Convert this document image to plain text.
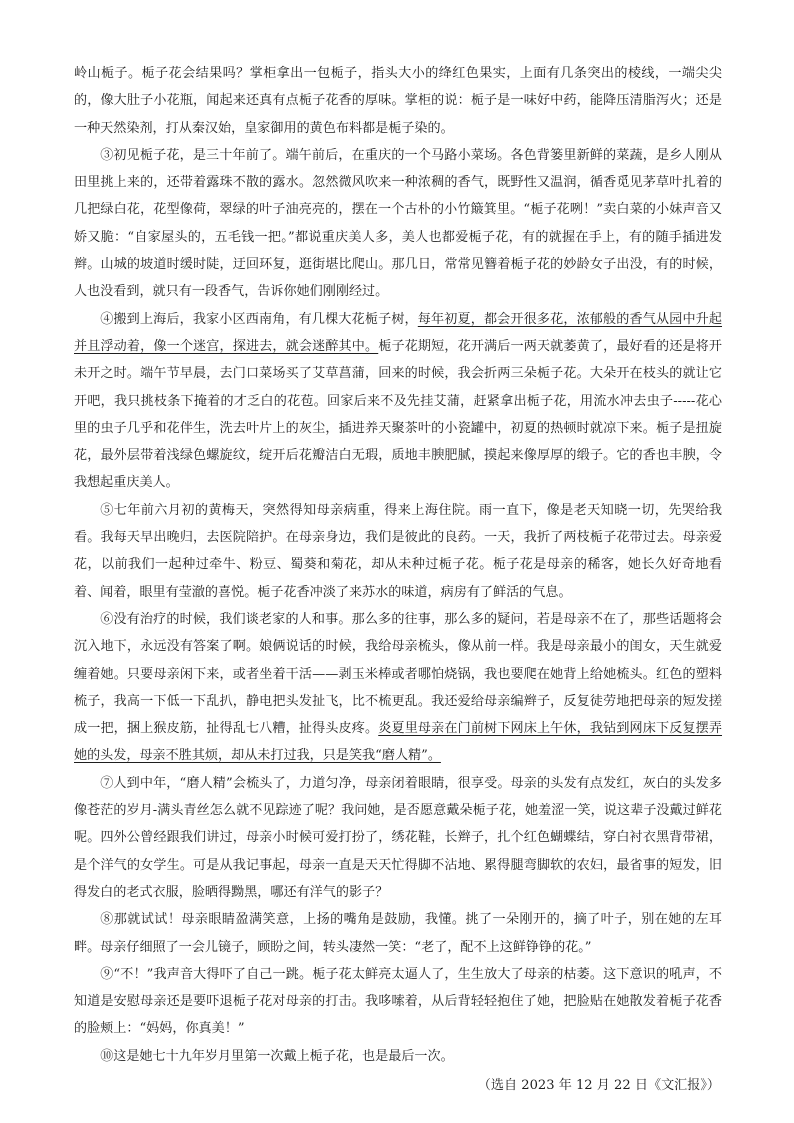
岭山栀子。栀子花会结果吗？掌柜拿出一包栀子，指头大小的绛红色果实，上面有几条突出的棱线，一端尖尖的，像大肚子小花瓶，闻起来还真有点栀子花香的厚味。掌柜的说：栀子是一味好中药，能降压清脂泻火；还是一种天然染剂，打从秦汉始，皇家御用的黄色布料都是栀子染的。

③初见栀子花，是三十年前了。端午前后，在重庆的一个马路小菜场。各色背篓里新鲜的菜蔬，是乡人刚从田里挑上来的，还带着露珠不散的露水。忽然微风吹来一种浓稠的香气，既野性又温润，循香觅见茅草叶扎着的几把绿白花，花型像荷，翠绿的叶子油亮亮的，摆在一个古朴的小竹簸箕里。“栀子花咧！”卖白菜的小妹声音又娇又脆：“自家屋头的，五毛钱一把。”都说重庆美人多，美人也都爱栀子花，有的就握在手上，有的随手插进发辫。山城的坡道时缓时陡，迂回环复，逛街堪比爬山。那几日，常常见簪着栀子花的妙龄女子出没，有的时候，人也没看到，就只有一段香气，告诉你她们刚刚经过。

④搬到上海后，我家小区西南角，有几棵大花栀子树，每年初夏，都会开很多花，浓郁般的香气从园中升起并且浮动着，像一个迷宫，探进去，就会迷醉其中。栀子花期短，花开满后一两天就萎黄了，最好看的还是将开未开之时。端午节早晨，去门口菜场买了艾草菖蒲，回来的时候，我会折两三朵栀子花。大朵开在枝头的就让它开吧，我只挑枝条下掩着的才乏白的花苞。回家后来不及先挂艾蒲，赶紧拿出栀子花，用流水冲去虫子-----花心里的虫子几乎和花伴生，洗去叶片上的灰尘，插进养天聚茶叶的小瓷罐中，初夏的热顿时就凉下来。栀子是扭旋花，最外层带着浅绿色螺旋纹，绽开后花瓣洁白无瑕，质地丰腴肥腻，摸起来像厚厚的缎子。它的香也丰腴，令我想起重庆美人。

⑤七年前六月初的黄梅天，突然得知母亲病重，得来上海住院。雨一直下，像是老天知晓一切，先哭给我看。我每天早出晚归，去医院陪护。在母亲身边，我们是彼此的良药。一天，我折了两枝栀子花带过去。母亲爱花，以前我们一起种过牵牛、粉豆、蜀葵和菊花，却从未种过栀子花。栀子花是母亲的稀客，她长久好奇地看着、闻着，眼里有莹澈的喜悦。栀子花香冲淡了来苏水的味道，病房有了鲜活的气息。

⑥没有治疗的时候，我们谈老家的人和事。那么多的往事，那么多的疑问，若是母亲不在了，那些话题将会沉入地下，永远没有答案了啊。娘俩说话的时候，我给母亲梳头，像从前一样。我是母亲最小的闺女，天生就爱缠着她。只要母亲闲下来，或者坐着干活——剥玉米棒或者哪怕烧锅，我也要爬在她背上给她梳头。红色的塑料梳子，我高一下低一下乱扒，静电把头发扯飞，比不梳更乱。我还爱给母亲编辫子，反复徒劳地把母亲的短发搓成一把，捆上猴皮筋，扯得乱七八糟，扯得头皮疼。炎夏里母亲在门前树下网床上午休，我钻到网床下反复摆弄她的头发，母亲不胜其烦，却从未打过我，只是笑我“磨人精”。

⑦人到中年，“磨人精”会梳头了，力道匀净，母亲闭着眼睛，很享受。母亲的头发有点发红，灰白的头发多像苍茫的岁月-满头青丝怎么就不见踪迹了呢？我问她，是否愿意戴朵栀子花，她羞涩一笑，说这辈子没戴过鲜花呢。四外公曾经跟我们讲过，母亲小时候可爱打扮了，绣花鞋，长辫子，扎个红色蝴蝶结，穿白衬衣黑背带裙，是个洋气的女学生。可是从我记事起，母亲一直是天天忙得脚不沾地、累得腿弯脚软的农妇，最省事的短发，旧得发白的老式衣服，脸晒得黝黑，哪还有洋气的影子？

⑧那就试试！母亲眼睛盈满笑意，上扬的嘴角是鼓励，我懂。挑了一朵刚开的，摘了叶子，别在她的左耳畔。母亲仔细照了一会儿镜子，顾盼之间，转头凄然一笑：“老了，配不上这鲜铮铮的花。”

⑨“不！”我声音大得吓了自己一跳。栀子花太鲜亮太逼人了，生生放大了母亲的枯萎。这下意识的吼声，不知道是安慰母亲还是要吓退栀子花对母亲的打击。我哆嗦着，从后背轻轻抱住了她，把脸贴在她散发着栀子花香的脸颊上：“妈妈，你真美！”

⑩这是她七十九年岁月里第一次戴上栀子花，也是最后一次。

（选自 2023 年 12 月 22 日《文汇报》）
